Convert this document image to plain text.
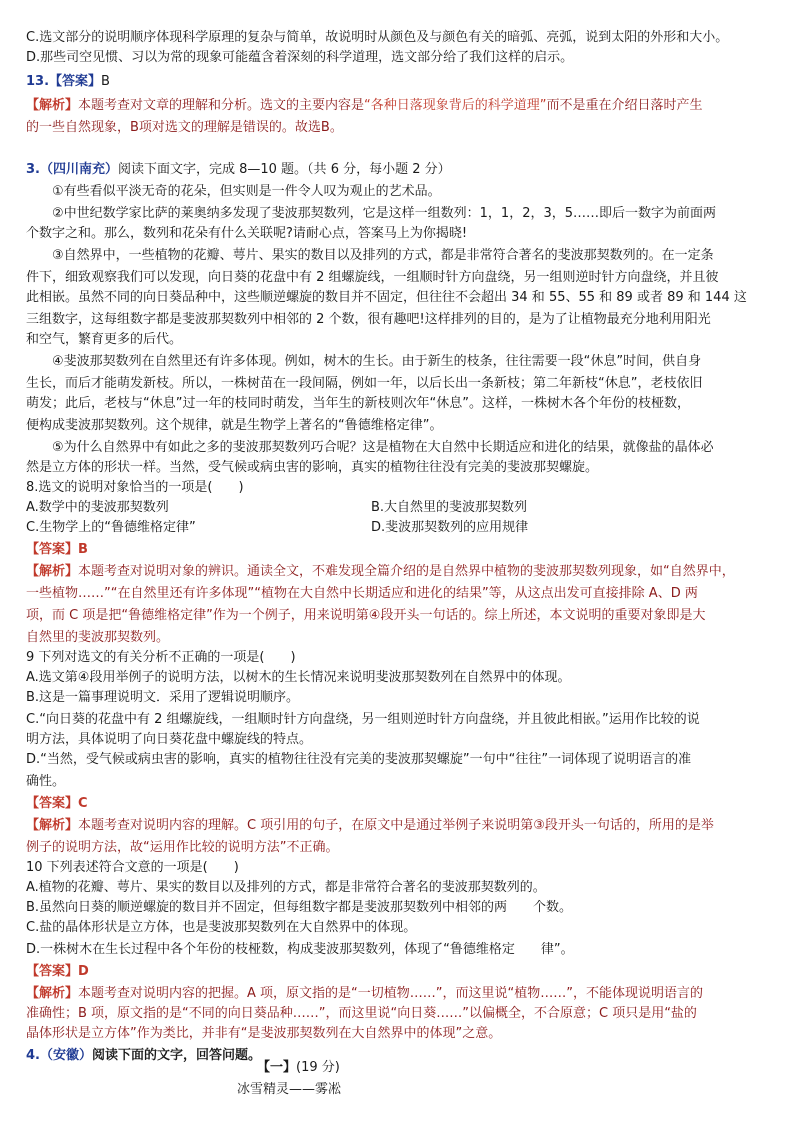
C.选文部分的说明顺序体现科学原理的复杂与简单，故说明时从颜色及与颜色有关的暗弧、亮弧，说到太阳的外形和大小。
D.那些司空见惯、习以为常的现象可能蕴含着深刻的科学道理，选文部分给了我们这样的启示。
13.【答案】B
【解析】本题考查对文章的理解和分析。选文的主要内容是“各种日落现象背后的科学道理”而不是重在介绍日落时产生
的一些自然现象，B项对选文的理解是错误的。故选B。
3.（四川南充）阅读下面文字，完成 8—10 题。（共 6 分，每小题 2 分）
①有些看似平淡无奇的花朵，但实则是一件令人叹为观止的艺术品。
②中世纪数学家比萨的莱奥纳多发现了斐波那契数列，它是这样一组数列：1，1，2，3，5……即后一数字为前面两
个数字之和。那么，数列和花朵有什么关联呢?请耐心点，答案马上为你揭晓!
③自然界中，一些植物的花瓣、萼片、果实的数目以及排列的方式，都是非常符合著名的斐波那契数列的。在一定条
件下，细致观察我们可以发现，向日葵的花盘中有 2 组螺旋线，一组顺时针方向盘绕，另一组则逆时针方向盘绕，并且彼
此相嵌。虽然不同的向日葵品种中，这些顺逆螺旋的数目并不固定，但往往不会超出 34 和 55、55 和 89 或者 89 和 144 这
三组数字，这每组数字都是斐波那契数列中相邻的 2 个数，很有趣吧!这样排列的目的，是为了让植物最充分地利用阳光
和空气，繁育更多的后代。
④斐波那契数列在自然里还有许多体现。例如，树木的生长。由于新生的枝条，往往需要一段“休息”时间，供自身
生长，而后才能萌发新枝。所以，一株树苗在一段间隔，例如一年，以后长出一条新枝；第二年新枝“休息”，老枝依旧
萌发；此后，老枝与“休息”过一年的枝同时萌发，当年生的新枝则次年“休息”。这样，一株树木各个年份的枝桠数，
便构成斐波那契数列。这个规律，就是生物学上著名的“鲁德维格定律”。
⑤为什么自然界中有如此之多的斐波那契数列巧合呢？这是植物在大自然中长期适应和进化的结果，就像盐的晶体必
然是立方体的形状一样。当然，受气候或病虫害的影响，真实的植物往往没有完美的斐波那契螺旋。
8.选文的说明对象恰当的一项是(　　)
A.数学中的斐波那契数列	B.大自然里的斐波那契数列
C.生物学上的“鲁德维格定律”	D.斐波那契数列的应用规律
【答案】B
【解析】本题考查对说明对象的辨识。通读全文，不难发现全篇介绍的是自然界中植物的斐波那契数列现象，如“自然界中，
一些植物……”“在自然里还有许多体现”“植物在大自然中长期适应和进化的结果”等，从这点出发可直接排除 A、D 两
项，而 C 项是把“鲁德维格定律”作为一个例子，用来说明第④段开头一句话的。综上所述，本文说明的重要对象即是大
自然里的斐波那契数列。
9 下列对选文的有关分析不正确的一项是(　　)
A.选文第④段用举例子的说明方法，以树木的生长情况来说明斐波那契数列在自然界中的体现。
B.这是一篇事理说明文．采用了逻辑说明顺序。
C.“向日葵的花盘中有 2 组螺旋线，一组顺时针方向盘绕，另一组则逆时针方向盘绕，并且彼此相嵌。”运用作比较的说
明方法，具体说明了向日葵花盘中螺旋线的特点。
D.“当然，受气候或病虫害的影响，真实的植物往往没有完美的斐波那契螺旋”一句中“往往”一词体现了说明语言的准
确性。
【答案】C
【解析】本题考查对说明内容的理解。C 项引用的句子，在原文中是通过举例子来说明第③段开头一句话的，所用的是举
例子的说明方法，故“运用作比较的说明方法”不正确。
10 下列表述符合文意的一项是(　　)
A.植物的花瓣、萼片、果实的数目以及排列的方式，都是非常符合著名的斐波那契数列的。
B.虽然向日葵的顺逆螺旋的数目并不固定，但每组数字都是斐波那契数列中相邻的两　　个数。
C.盐的晶体形状是立方体，也是斐波那契数列在大自然界中的体现。
D.一株树木在生长过程中各个年份的枝桠数，构成斐波那契数列，体现了“鲁德维格定　　律”。
【答案】D
【解析】本题考查对说明内容的把握。A 项，原文指的是“一切植物……”，而这里说“植物……”，不能体现说明语言的
准确性；B 项，原文指的是“不同的向日葵品种……”，而这里说“向日葵……”以偏概全，不合原意；C 项只是用“盐的
晶体形状是立方体”作为类比，并非有“是斐波那契数列在大自然界中的体现”之意。
4.（安徽）阅读下面的文字，回答问题。
【一】(19 分)
冰雪精灵——雾凇
